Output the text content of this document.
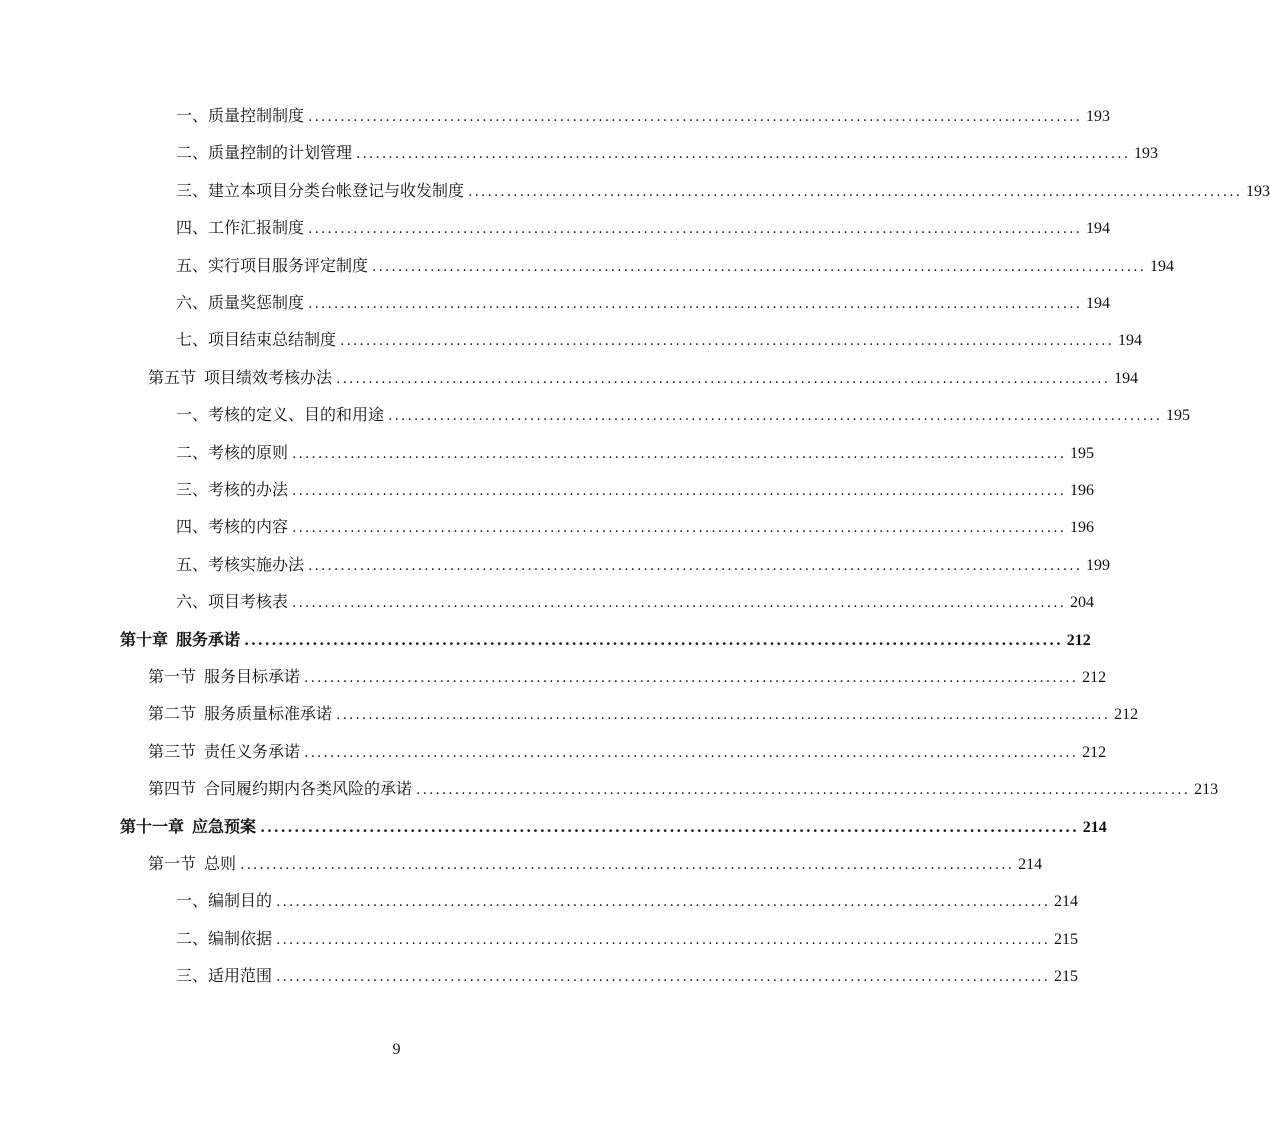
一、质量控制制度 ........................................................................................................................ 193
二、质量控制的计划管理 ........................................................................................................................ 193
三、建立本项目分类台帐登记与收发制度 ........................................................................................................................ 193
四、工作汇报制度 ........................................................................................................................ 194
五、实行项目服务评定制度 ........................................................................................................................ 194
六、质量奖惩制度 ........................................................................................................................ 194
七、项目结束总结制度 ........................................................................................................................ 194
第五节 项目绩效考核办法 ........................................................................................................................ 194
一、考核的定义、目的和用途 ........................................................................................................................ 195
二、考核的原则 ........................................................................................................................ 195
三、考核的办法 ........................................................................................................................ 196
四、考核的内容 ........................................................................................................................ 196
五、考核实施办法 ........................................................................................................................ 199
六、项目考核表 ........................................................................................................................ 204
第十章 服务承诺 ........................................................................................................................ 212
第一节 服务目标承诺 ........................................................................................................................ 212
第二节 服务质量标准承诺 ........................................................................................................................ 212
第三节 责任义务承诺 ........................................................................................................................ 212
第四节 合同履约期内各类风险的承诺 ........................................................................................................................ 213
第十一章 应急预案 ........................................................................................................................ 214
第一节 总则 ........................................................................................................................ 214
一、编制目的 ........................................................................................................................ 214
二、编制依据 ........................................................................................................................ 215
三、适用范围 ........................................................................................................................ 215
9
